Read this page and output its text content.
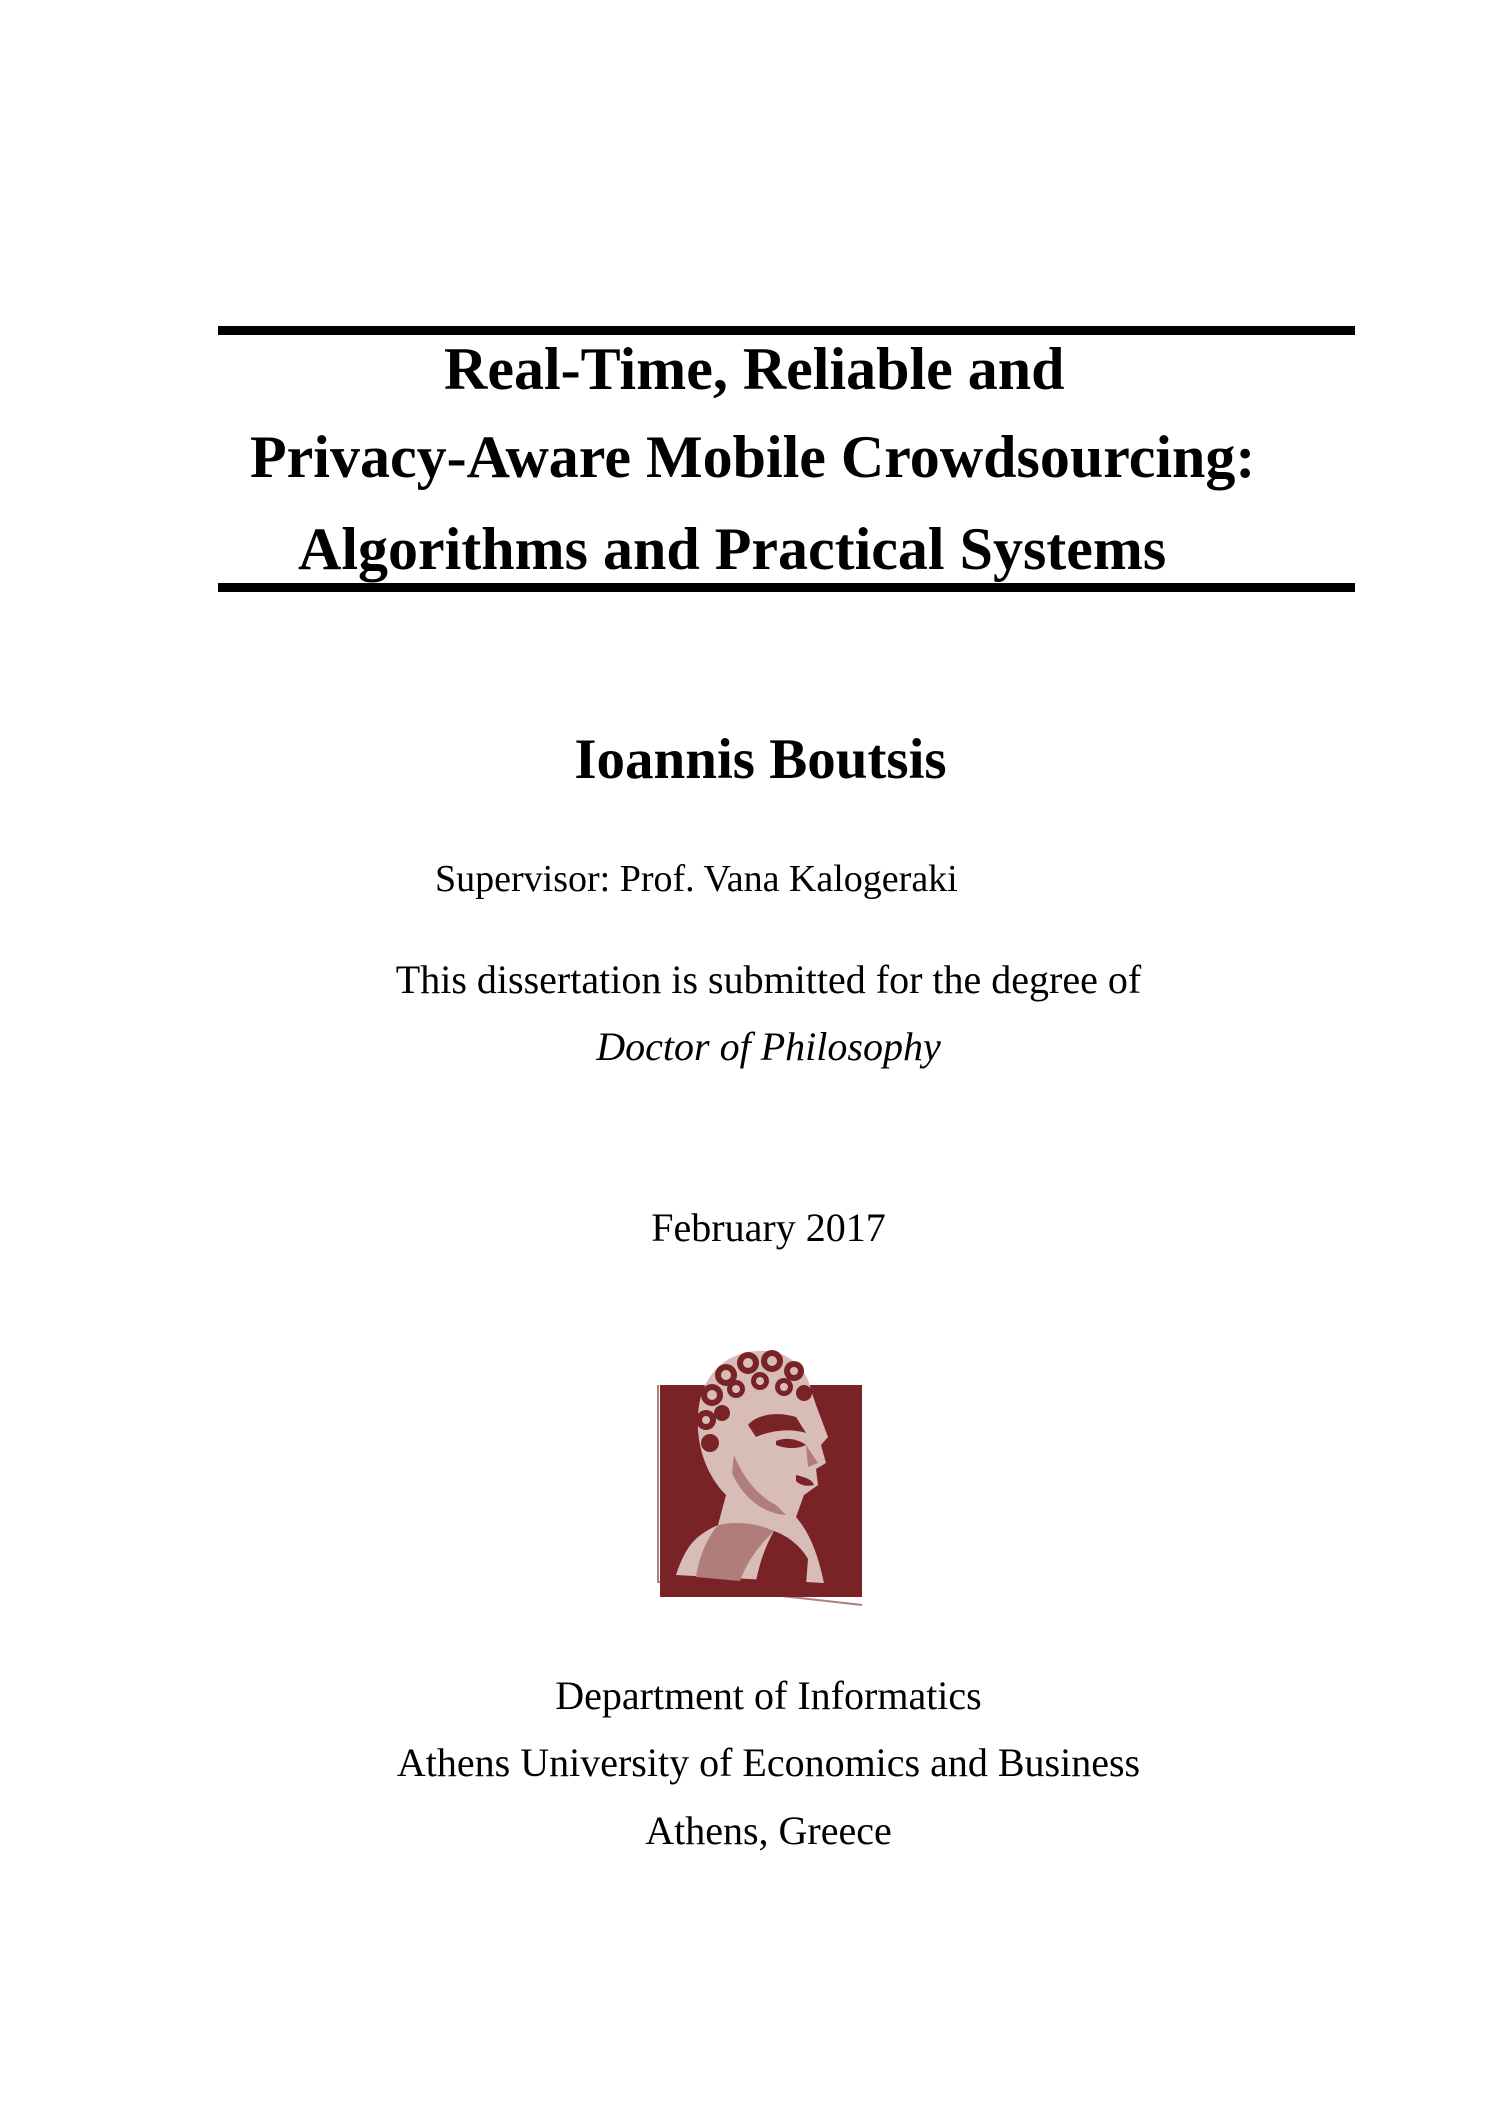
Real-Time, Reliable and
Privacy-Aware Mobile Crowdsourcing:
Algorithms and Practical Systems
Ioannis Boutsis
Supervisor: Prof. Vana Kalogeraki
This dissertation is submitted for the degree of
Doctor of Philosophy
February 2017
Department of Informatics
Athens University of Economics and Business
Athens, Greece
